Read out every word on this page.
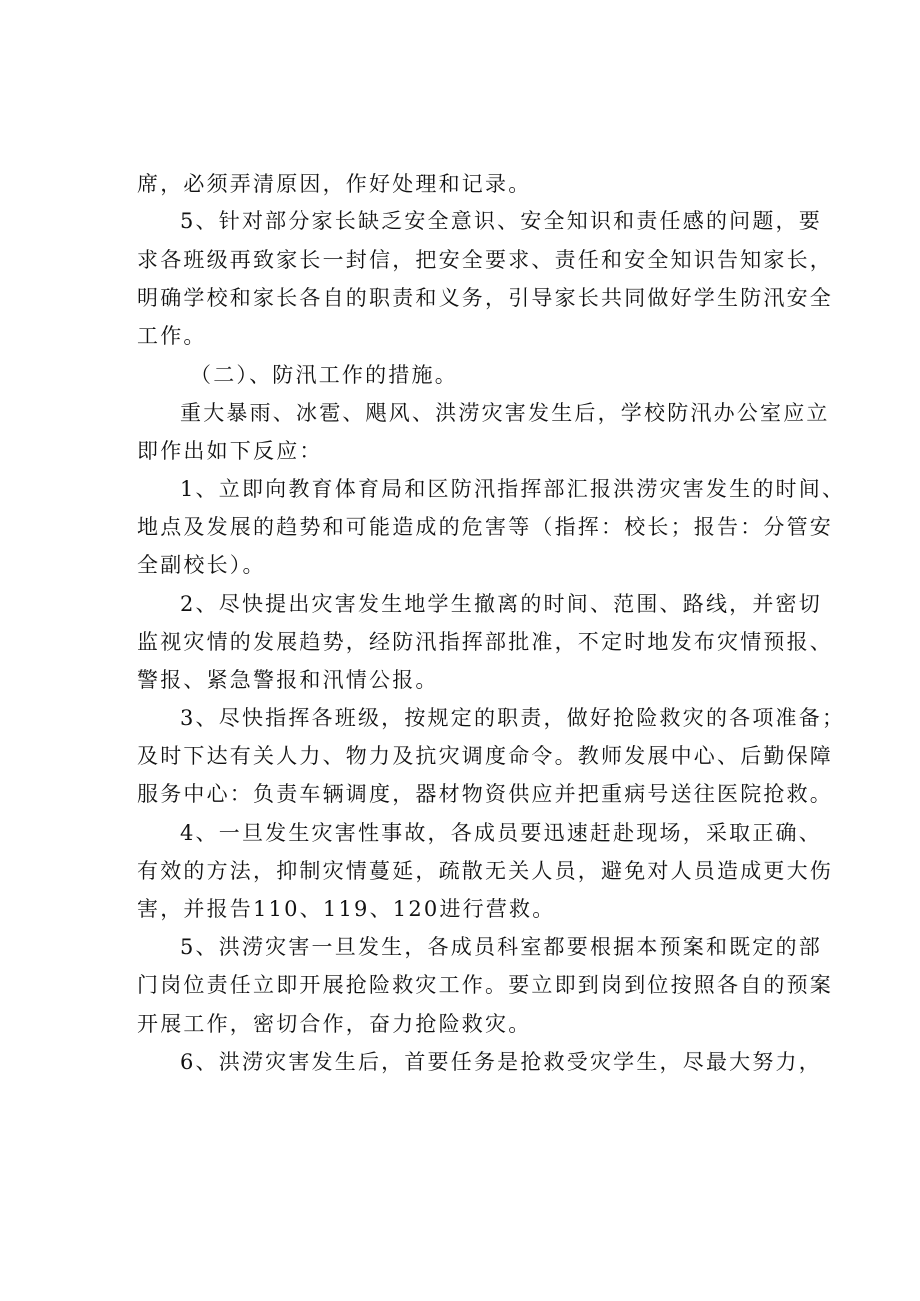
席，必须弄清原因，作好处理和记录。
5、针对部分家长缺乏安全意识、安全知识和责任感的问题，要
求各班级再致家长一封信，把安全要求、责任和安全知识告知家长，
明确学校和家长各自的职责和义务，引导家长共同做好学生防汛安全
工作。
（二）、防汛工作的措施。
重大暴雨、冰雹、飓风、洪涝灾害发生后，学校防汛办公室应立
即作出如下反应：
1、立即向教育体育局和区防汛指挥部汇报洪涝灾害发生的时间、
地点及发展的趋势和可能造成的危害等（指挥：校长；报告：分管安
全副校长）。
2、尽快提出灾害发生地学生撤离的时间、范围、路线，并密切
监视灾情的发展趋势，经防汛指挥部批准，不定时地发布灾情预报、
警报、紧急警报和汛情公报。
3、尽快指挥各班级，按规定的职责，做好抢险救灾的各项准备；
及时下达有关人力、物力及抗灾调度命令。教师发展中心、后勤保障
服务中心：负责车辆调度，器材物资供应并把重病号送往医院抢救。
4、一旦发生灾害性事故，各成员要迅速赶赴现场，采取正确、
有效的方法，抑制灾情蔓延，疏散无关人员，避免对人员造成更大伤
害，并报告110、119、120进行营救。
5、洪涝灾害一旦发生，各成员科室都要根据本预案和既定的部
门岗位责任立即开展抢险救灾工作。要立即到岗到位按照各自的预案
开展工作，密切合作，奋力抢险救灾。
6、洪涝灾害发生后，首要任务是抢救受灾学生，尽最大努力，
